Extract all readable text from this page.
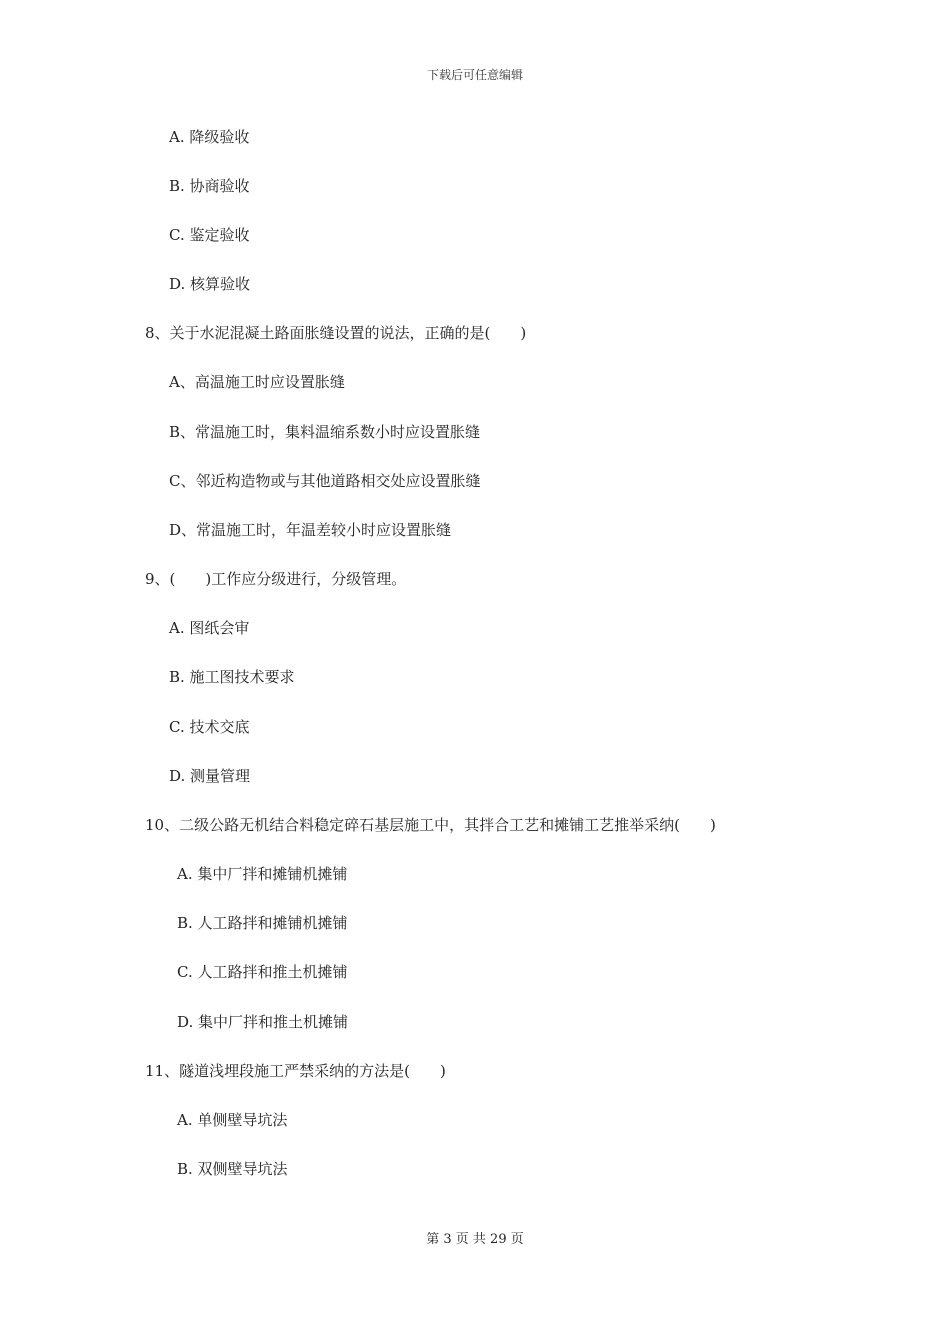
下载后可任意编辑
A. 降级验收
B. 协商验收
C. 鉴定验收
D. 核算验收
8、关于水泥混凝土路面胀缝设置的说法，正确的是(　　)
A、高温施工时应设置胀缝
B、常温施工时，集料温缩系数小时应设置胀缝
C、邻近构造物或与其他道路相交处应设置胀缝
D、常温施工时，年温差较小时应设置胀缝
9、(　　)工作应分级进行，分级管理。
A. 图纸会审
B. 施工图技术要求
C. 技术交底
D. 测量管理
10、二级公路无机结合料稳定碎石基层施工中，其拌合工艺和摊铺工艺推举采纳(　　)
A. 集中厂拌和摊铺机摊铺
B. 人工路拌和摊铺机摊铺
C. 人工路拌和推土机摊铺
D. 集中厂拌和推土机摊铺
11、隧道浅埋段施工严禁采纳的方法是(　　)
A. 单侧壁导坑法
B. 双侧壁导坑法
第 3 页 共 29 页
